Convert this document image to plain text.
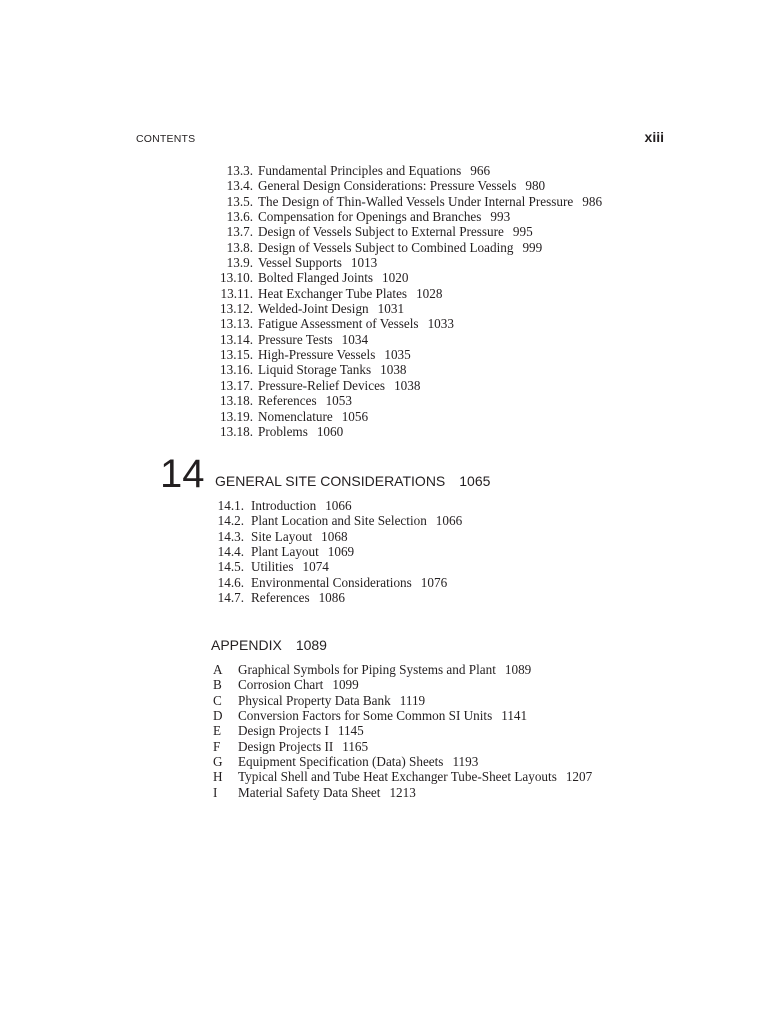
CONTENTS	xiii
13.3. Fundamental Principles and Equations 966
13.4. General Design Considerations: Pressure Vessels 980
13.5. The Design of Thin-Walled Vessels Under Internal Pressure 986
13.6. Compensation for Openings and Branches 993
13.7. Design of Vessels Subject to External Pressure 995
13.8. Design of Vessels Subject to Combined Loading 999
13.9. Vessel Supports 1013
13.10. Bolted Flanged Joints 1020
13.11. Heat Exchanger Tube Plates 1028
13.12. Welded-Joint Design 1031
13.13. Fatigue Assessment of Vessels 1033
13.14. Pressure Tests 1034
13.15. High-Pressure Vessels 1035
13.16. Liquid Storage Tanks 1038
13.17. Pressure-Relief Devices 1038
13.18. References 1053
13.19. Nomenclature 1056
13.18. Problems 1060
14 GENERAL SITE CONSIDERATIONS 1065
14.1. Introduction 1066
14.2. Plant Location and Site Selection 1066
14.3. Site Layout 1068
14.4. Plant Layout 1069
14.5. Utilities 1074
14.6. Environmental Considerations 1076
14.7. References 1086
APPENDIX 1089
A Graphical Symbols for Piping Systems and Plant 1089
B Corrosion Chart 1099
C Physical Property Data Bank 1119
D Conversion Factors for Some Common SI Units 1141
E Design Projects I 1145
F	Design Projects II 1165
G Equipment Specification (Data) Sheets 1193
H Typical Shell and Tube Heat Exchanger Tube-Sheet Layouts 1207
I	Material Safety Data Sheet 1213
